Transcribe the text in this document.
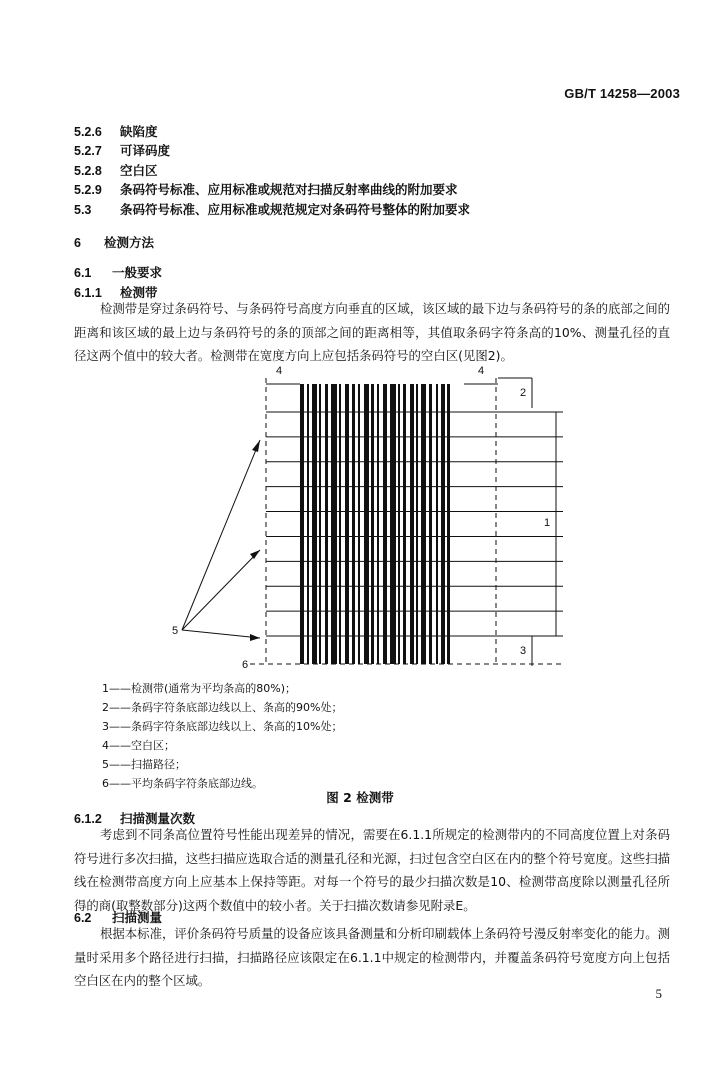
GB/T 14258—2003
5.2.6 缺陷度
5.2.7 可译码度
5.2.8 空白区
5.2.9 条码符号标准、应用标准或规范对扫描反射率曲线的附加要求
5.3 条码符号标准、应用标准或规范规定对条码符号整体的附加要求
6 检测方法
6.1 一般要求
6.1.1 检测带
检测带是穿过条码符号、与条码符号高度方向垂直的区域，该区域的最下边与条码符号的条的底部之间的距离和该区域的最上边与条码符号的条的顶部之间的距离相等，其值取条码字符条高的10%、测量孔径的直径这两个值中的较大者。检测带在宽度方向上应包括条码符号的空白区(见图2)。
4	4
2
1
3
6
5
1——检测带(通常为平均条高的80%)；
2——条码字符条底部边线以上、条高的90%处；
3——条码字符条底部边线以上、条高的10%处；
4——空白区；
5——扫描路径；
6——平均条码字符条底部边线。
图 2 检测带
6.1.2 扫描测量次数
考虑到不同条高位置符号性能出现差异的情况，需要在6.1.1所规定的检测带内的不同高度位置上对条码符号进行多次扫描，这些扫描应选取合适的测量孔径和光源，扫过包含空白区在内的整个符号宽度。这些扫描线在检测带高度方向上应基本上保持等距。对每一个符号的最少扫描次数是10、检测带高度除以测量孔径所得的商(取整数部分)这两个数值中的较小者。关于扫描次数请参见附录E。
6.2 扫描测量
根据本标准，评价条码符号质量的设备应该具备测量和分析印刷载体上条码符号漫反射率变化的能力。测量时采用多个路径进行扫描，扫描路径应该限定在6.1.1中规定的检测带内，并覆盖条码符号宽度方向上包括空白区在内的整个区域。
5
